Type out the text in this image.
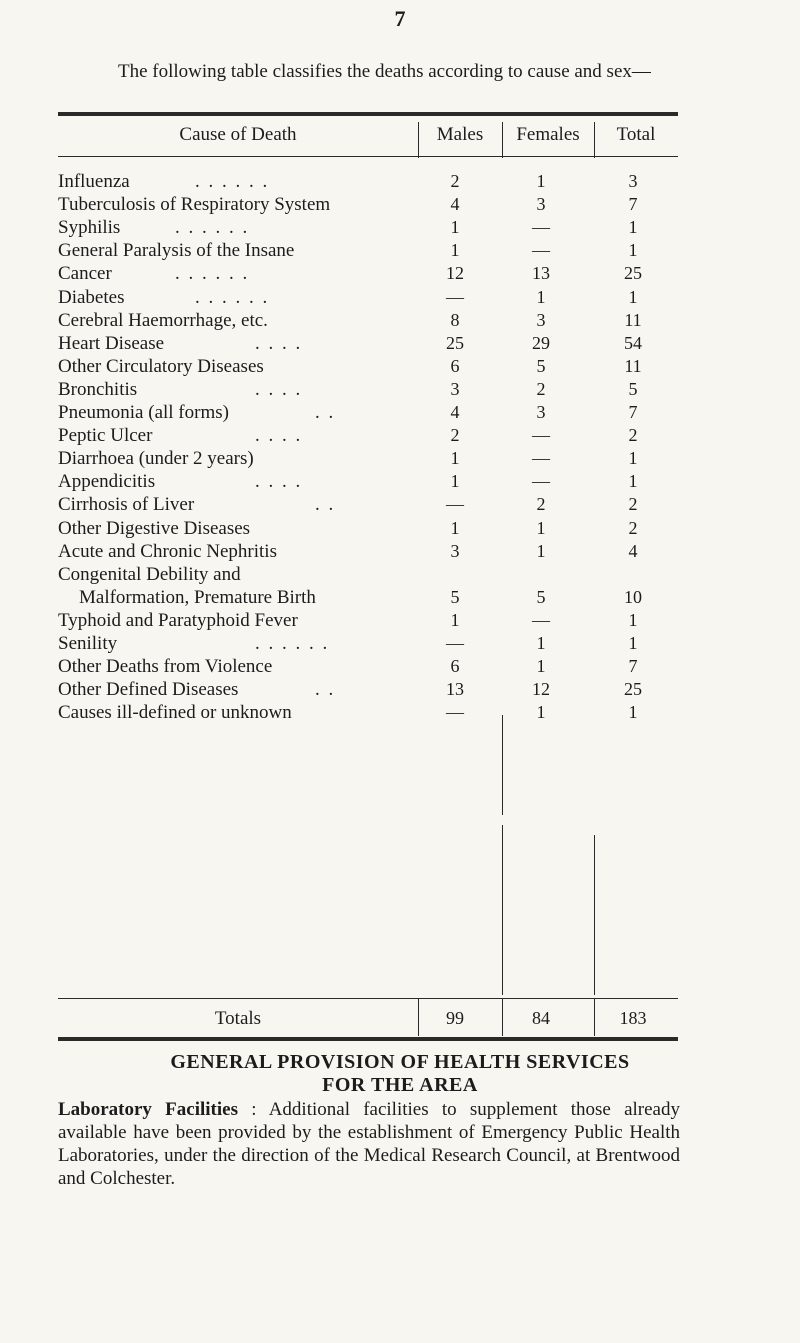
7

The following table classifies the deaths according to cause and sex—

Cause of Death	Males	Females	Total
Influenza	. . . . . .	2	1	3
Tuberculosis of Respiratory System	4	3	7
Syphilis	. . . . . .	1	—	1
General Paralysis of the Insane	1	—	1
Cancer	. . . . . .	12	13	25
Diabetes	. . . . . .	—	1	1
Cerebral Haemorrhage, etc.	8	3	11
Heart Disease	. . . .	25	29	54
Other Circulatory Diseases	6	5	11
Bronchitis	. . . .	3	2	5
Pneumonia (all forms)	. .	4	3	7
Peptic Ulcer	. . . .	2	—	2
Diarrhoea (under 2 years)	1	—	1
Appendicitis	. . . .	1	—	1
Cirrhosis of Liver	. .	—	2	2
Other Digestive Diseases	1	1	2
Acute and Chronic Nephritis	3	1	4
Congenital Debility and
Malformation, Premature Birth	5	5	10
Typhoid and Paratyphoid Fever	1	—	1
Senility	. . . . . .	—	1	1
Other Deaths from Violence	6	1	7
Other Defined Diseases	. .	13	12	25
Causes ill-defined or unknown	—	1	1
Totals	99	84	183
GENERAL PROVISION OF HEALTH SERVICES
FOR THE AREA

Laboratory Facilities : Additional facilities to supplement those already available have been provided by the establishment of Emergency Public Health Laboratories, under the direction of the Medical Research Council, at Brentwood and Colchester.
